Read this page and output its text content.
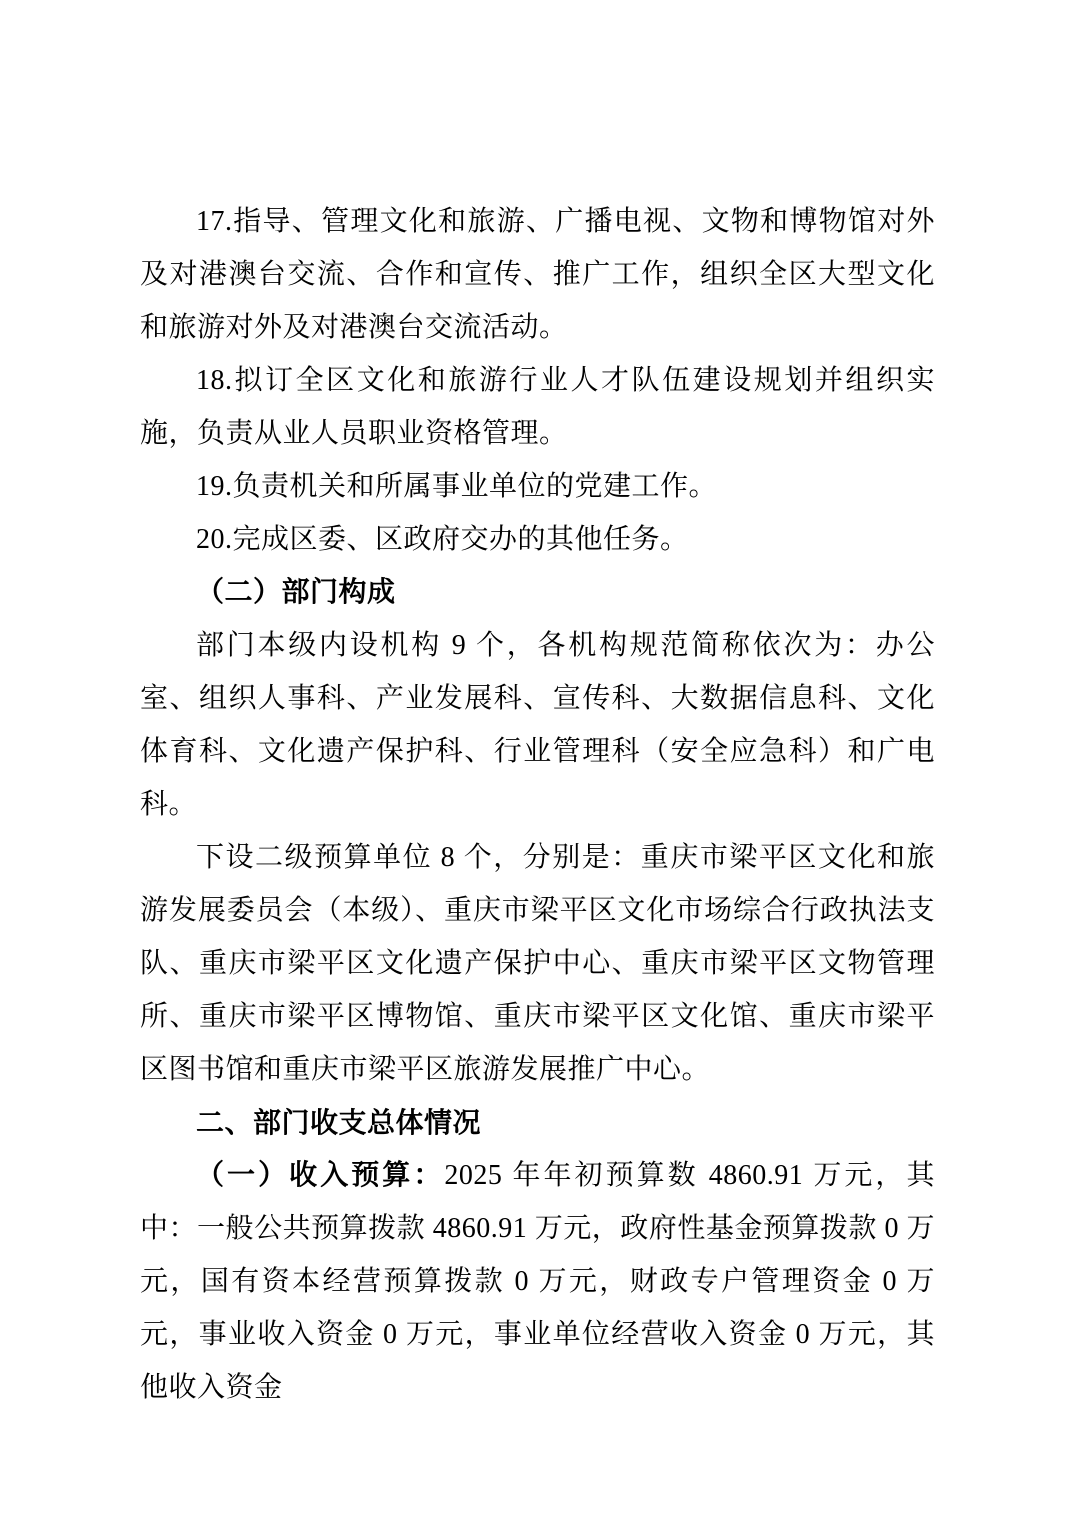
17.指导、管理文化和旅游、广播电视、文物和博物馆对外及对港澳台交流、合作和宣传、推广工作，组织全区大型文化和旅游对外及对港澳台交流活动。

18.拟订全区文化和旅游行业人才队伍建设规划并组织实施，负责从业人员职业资格管理。

19.负责机关和所属事业单位的党建工作。

20.完成区委、区政府交办的其他任务。

（二）部门构成

部门本级内设机构 9 个，各机构规范简称依次为：办公室、组织人事科、产业发展科、宣传科、大数据信息科、文化体育科、文化遗产保护科、行业管理科（安全应急科）和广电科。

下设二级预算单位 8 个，分别是：重庆市梁平区文化和旅游发展委员会（本级）、重庆市梁平区文化市场综合行政执法支队、重庆市梁平区文化遗产保护中心、重庆市梁平区文物管理所、重庆市梁平区博物馆、重庆市梁平区文化馆、重庆市梁平区图书馆和重庆市梁平区旅游发展推广中心。

二、部门收支总体情况

（一）收入预算：2025 年年初预算数 4860.91 万元，其中：一般公共预算拨款 4860.91 万元，政府性基金预算拨款 0 万元，国有资本经营预算拨款 0 万元，财政专户管理资金 0 万元，事业收入资金 0 万元，事业单位经营收入资金 0 万元，其他收入资金
